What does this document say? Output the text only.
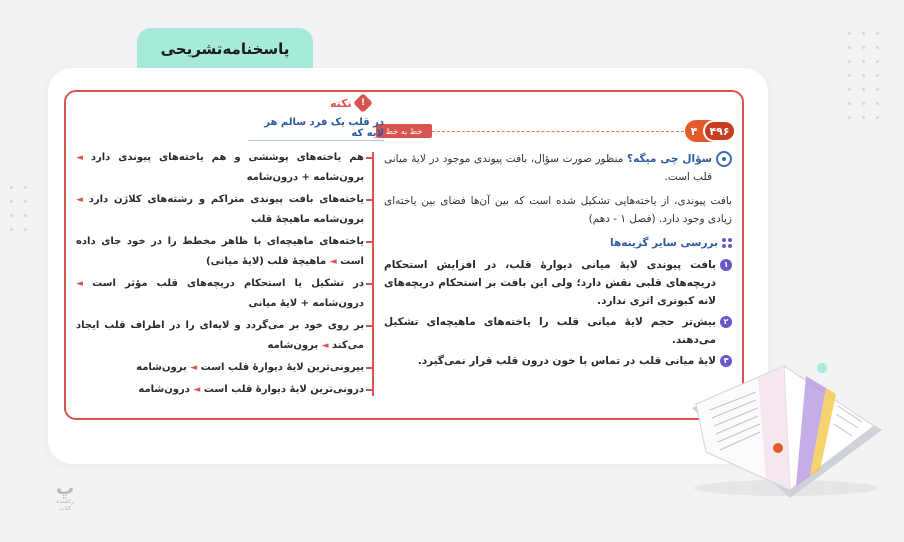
پاسخنامه‌تشریحی
۴	۴۹۶
خط به خط

سؤال چی میگه؟ منظور صورت سؤال، بافت پیوندی موجود در لایۀ میانی قلب است.

بافت پیوندی، از یاخته‌هایی تشکیل شده است که بین آن‌ها فضای بین یاخته‌ای زیادی وجود دارد. (فصل ۱ - دهم)

بررسی سایر گزینه‌ها
۱
بافت پیوندی لایۀ میانی دیوارۀ قلب، در افزایش استحکام دریچه‌های قلبی نقش دارد؛ ولی این بافت بر استحکام دریچه‌های لانه کبوتری اثری ندارد.
۲
بیش‌تر حجم لایۀ میانی قلب را یاخته‌های ماهیچه‌ای تشکیل می‌دهند.
۳
لایۀ میانی قلب در تماس با خون درون قلب قرار نمی‌گیرد.
!
نکته
در قلب یک فرد سالم هر لایه که
هم یاخته‌های پوششی و هم یاخته‌های پیوندی دارد ◄ برون‌شامه + درون‌شامه
یاخته‌های بافت پیوندی متراکم و رشته‌های کلاژن دارد ◄ برون‌شامه ماهیچۀ قلب
یاخته‌های ماهیچه‌ای با ظاهر مخطط را در خود جای داده است ◄ ماهیچۀ قلب (لایۀ میانی)
در تشکیل یا استحکام دریچه‌های قلب مؤثر است ◄ درون‌شامه + لایۀ میانی
بر روی خود بر می‌گردد و لایه‌ای را در اطراف قلب ایجاد می‌کند ◄ برون‌شامه
بیرونی‌ترین لایۀ دیوارۀ قلب است ◄ برون‌شامه
درونی‌ترین لایۀ دیوارۀ قلب است ◄ درون‌شامه
ڀ
راشنده کتاب
